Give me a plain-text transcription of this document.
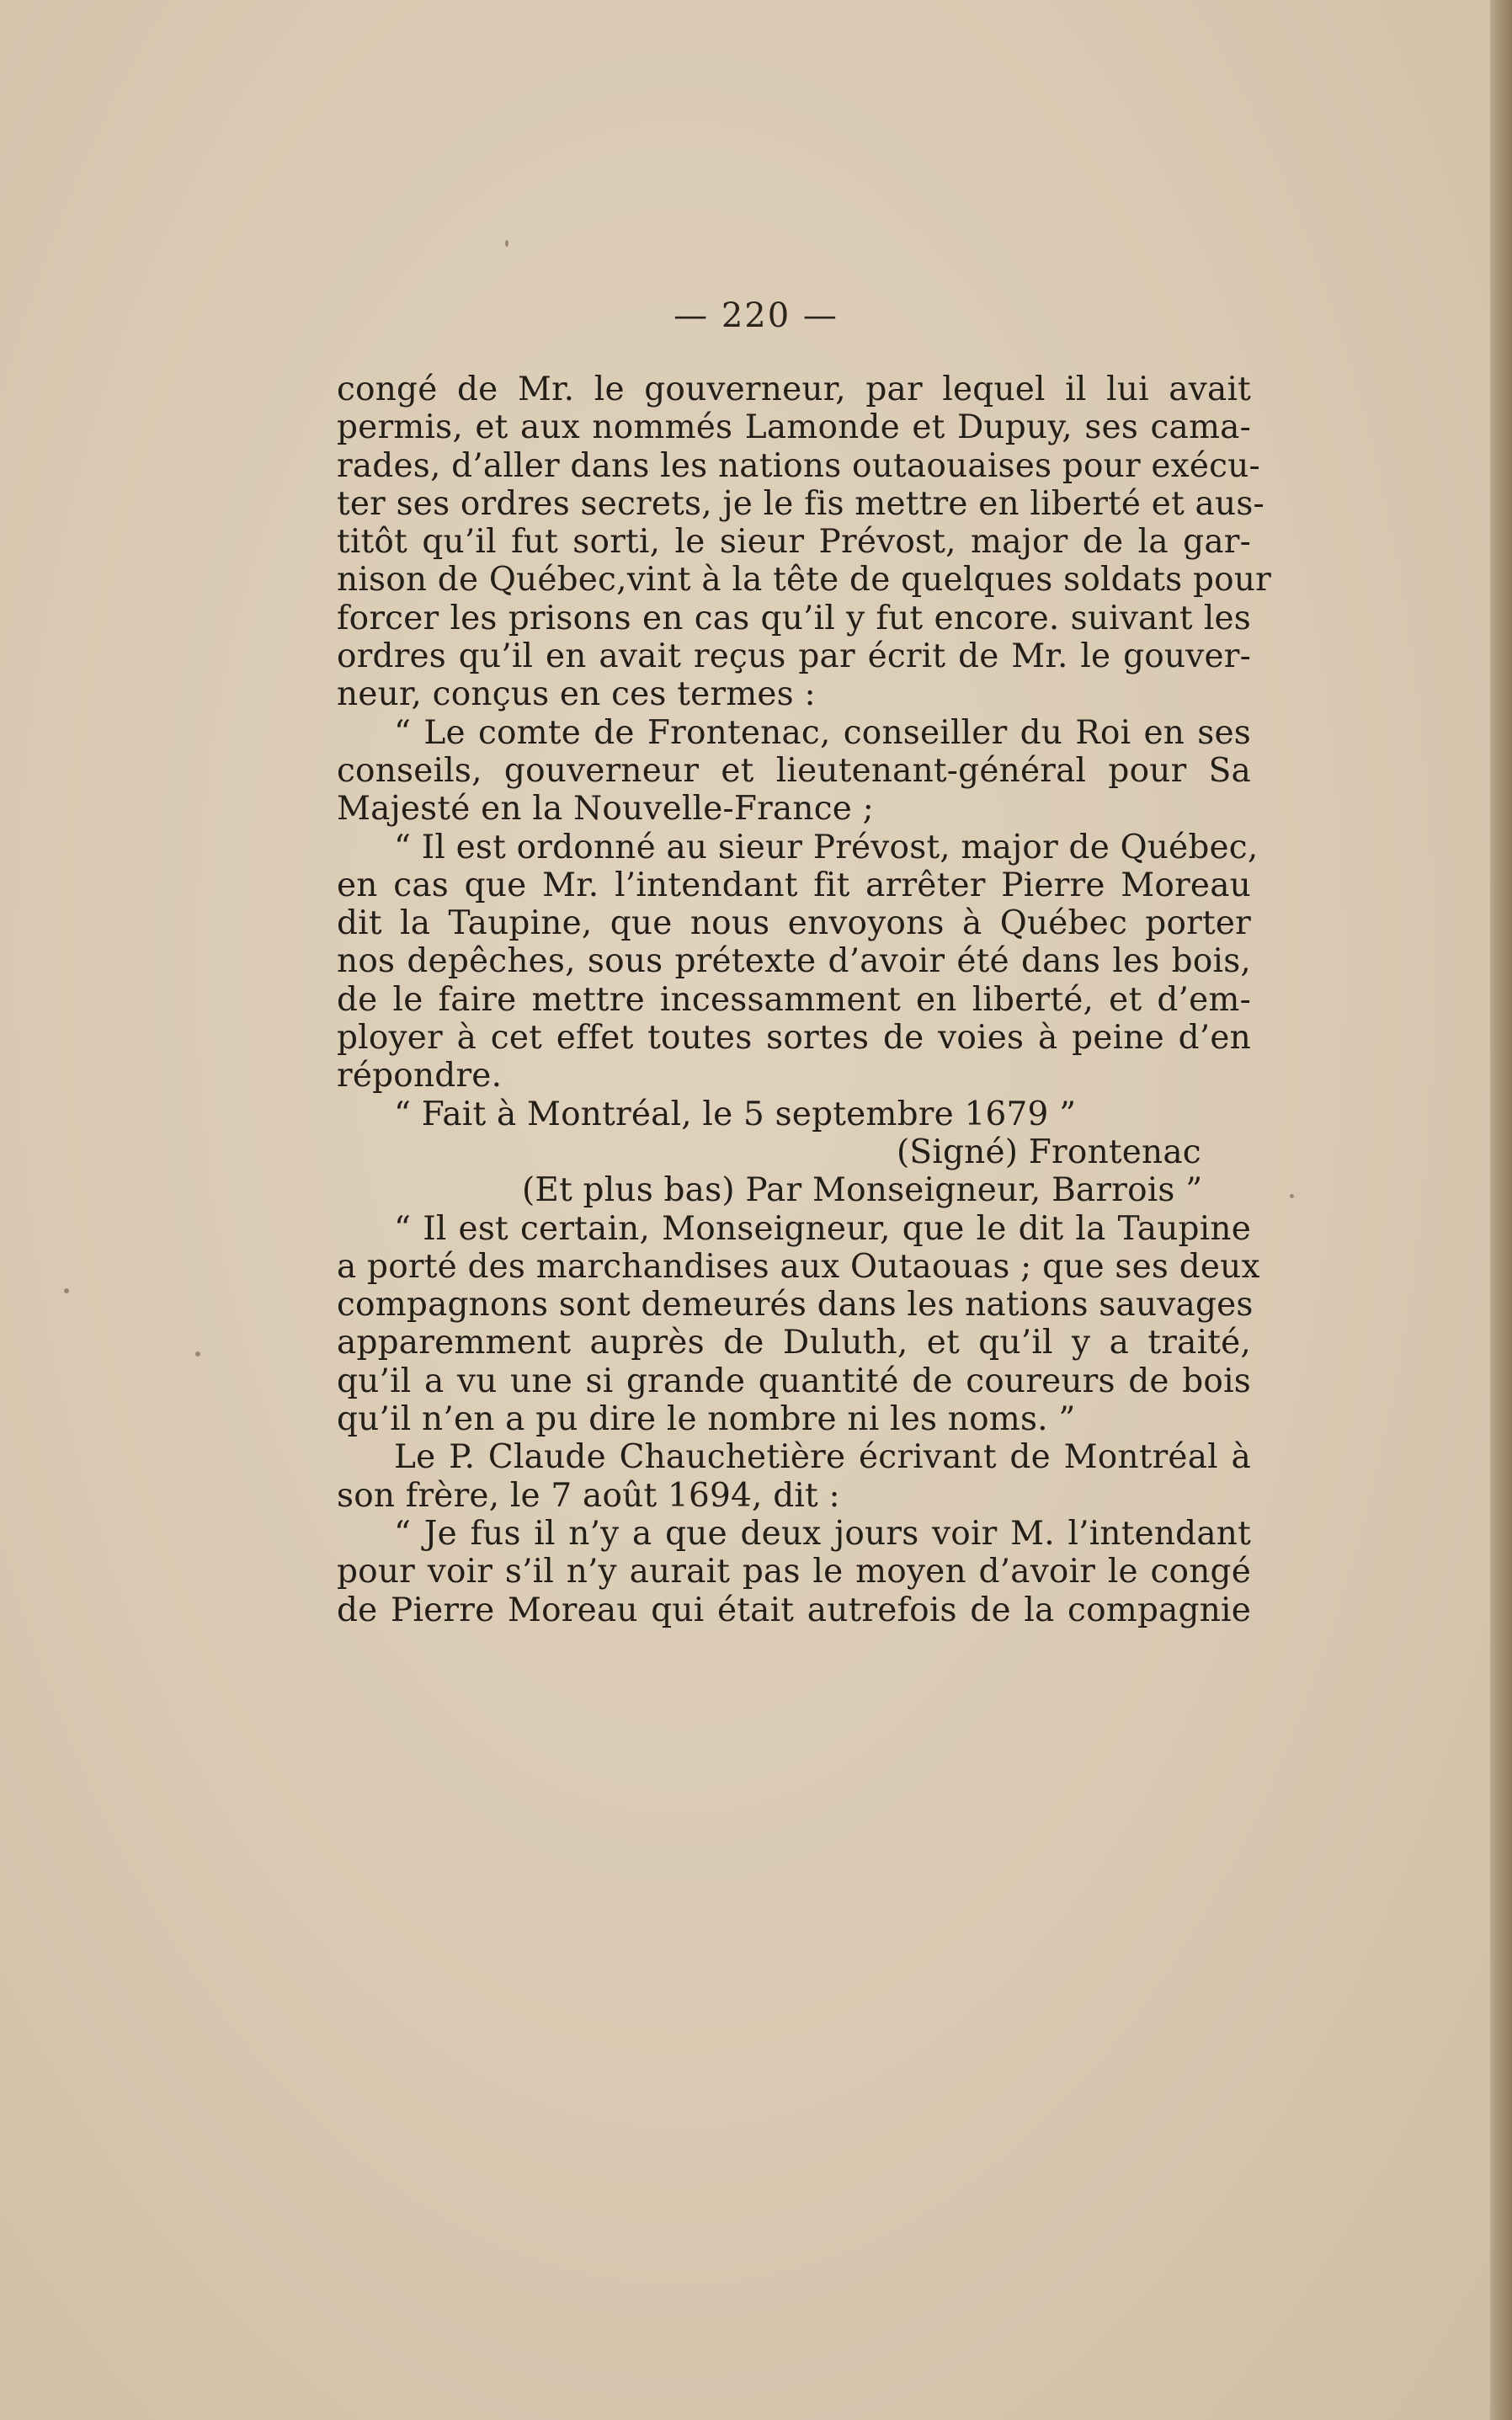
— 220 —
congé de Mr. le gouverneur, par lequel il lui avait
permis, et aux nommés Lamonde et Dupuy, ses cama-
rades, d’aller dans les nations outaouaises pour exécu-
ter ses ordres secrets, je le fis mettre en liberté et aus-
titôt qu’il fut sorti, le sieur Prévost, major de la gar-
nison de Québec,vint à la tête de quelques soldats pour
forcer les prisons en cas qu’il y fut encore. suivant les
ordres qu’il en avait reçus par écrit de Mr. le gouver-
neur, conçus en ces termes :
“ Le comte de Frontenac, conseiller du Roi en ses
conseils, gouverneur et lieutenant-général pour Sa
Majesté en la Nouvelle-France ;
“ Il est ordonné au sieur Prévost, major de Québec,
en cas que Mr. l’intendant fit arrêter Pierre Moreau
dit la Taupine, que nous envoyons à Québec porter
nos depêches, sous prétexte d’avoir été dans les bois,
de le faire mettre incessamment en liberté, et d’em-
ployer à cet effet toutes sortes de voies à peine d’en
répondre.
“ Fait à Montréal, le 5 septembre 1679 ”
(Signé) Frontenac
(Et plus bas) Par Monseigneur, Barrois ”
“ Il est certain, Monseigneur, que le dit la Taupine
a porté des marchandises aux Outaouas ; que ses deux
compagnons sont demeurés dans les nations sauvages
apparemment auprès de Duluth, et qu’il y a traité,
qu’il a vu une si grande quantité de coureurs de bois
qu’il n’en a pu dire le nombre ni les noms. ”
Le P. Claude Chauchetière écrivant de Montréal à
son frère, le 7 août 1694, dit :
“ Je fus il n’y a que deux jours voir M. l’intendant
pour voir s’il n’y aurait pas le moyen d’avoir le congé
de Pierre Moreau qui était autrefois de la compagnie
